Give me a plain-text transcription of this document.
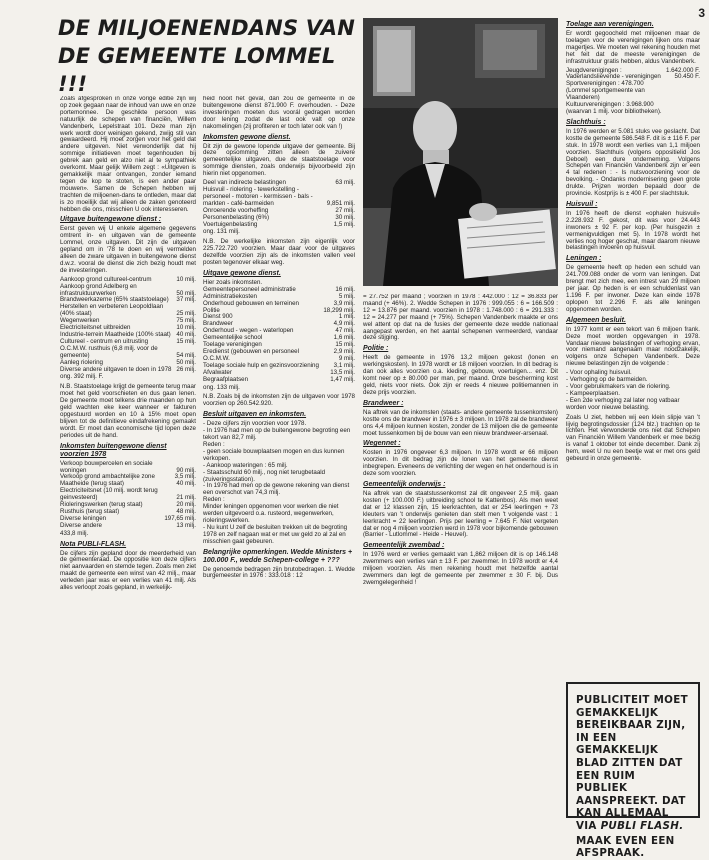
3
DE MILJOENENDANS VAN
DE GEMEENTE LOMMEL !!!

Zoals afgesproken in onze vorige editie zijn wij op zoek gegaan naar de inhoud van uwe en onze portemonnee. De geschikte persoon was natuurlijk de schepen van financiën, Willem Vandenberk, Lepelstraat 101. Deze man zijn werk wordt door weinigen gekend, zwijg stil van gewaardeerd. Hij moet zorgen voor het geld dat andere uitgeven. Niet verwonderlijk dat hij sommige initiatieven moet tegenhouden bij gebrek aan geld en alzo niet al te sympathiek overkomt. Maar gelijk Willem zegt : «Uitgeven is gemakkelijk maar ontvangen, zonder iemand tegen de kop te stoten, is een ander paar mouwen». Samen de Schepen hebben wij trachten de miljoenen-dans te ontleden, maar dat is zo moeilijk dat wij alleen de zaken genoteerd hebben die ons, misschien U ook interesseren.

Uitgave buitengewone dienst :

Eerst geven wij U enkele algemene gegevens omtrent in- en uitgaven van de gemeente Lommel, onze uitgaven. Dit zijn de uitgaven gepland om in '78 te doen en wij vermelden alleen de zware uitgaven in buitengewone dienst d.w.z. vooral de dienst die zich bezig houdt met de investeringen.

Aankoop grond cultureel-centrum	10 milj.
Aankoop grond Adelberg en infrastruktuurwerken	50 milj.
Brandweerkazerne (65% staatstoelage)	37 milj.
Herstellen en verbeteren Leopoldlaan (40% staat)	25 milj.
Wegenwerken	75 milj.
Electriciteitsnet uitbreiden	10 milj.
Industrie-terrein Maatheide (100% staat)	40 milj.
Cultureel - centrum en uitrusting	15 milj.
O.C.M.W. rusthuis (6,8 milj. voor de gemeente)	54 milj.
Aanleg riolering	50 milj.
Diverse andere uitgaven te doen in 1978	26 milj.

ong. 392 milj. F.

N.B. Staatstoelage krijgt de gemeente terug maar moet het geld voorschieten en dus gaan lenen. De gemeente moet telkens drie maanden op hun geld wachten eke keer wanneer er fakturen opgestuurd worden en 10 à 15% moet open blijven tot de definitieve eindafrekening gemaakt wordt. Er moet dan economische tijd lopen deze periodes uit de hand.

Inkomsten buitengewone dienst voorzien 1978
Verkoop bouwpercelen en sociale woningen	90 milj.
Verkoop grond ambachtelijke zone	3,5 milj.
Maatheide (terug staat)	40 milj.
Electriciteitsnet (10 milj. wordt terug geinvesteerd)	21 milj.
Rioleringswerken (terug staat)	20 milj.
Rusthuis (terug staat)	48 milj.
Diverse leningen	197,65 milj.
Diverse andere	13 milj.

433,8 milj.

Nota PUBLI-FLASH.

De cijfers zijn gepland door de meerderheid van de gemeenteraad. De oppositie kon deze cijfers niet aanvaarden en stemde tegen. Zoals men ziet maakt de gemeente een winst van 42 milj., maar verleden jaar was er een verlies van 41 milj. Als alles verloopt zoals gepland, in werkelijk-

heid nooit het geval, dan zou de gemeente in de buitengewone dienst 871.900 F. overhouden. - Deze investeringen moeten dus voorál gedragen worden door lening zodat de last ook valt op onze nakomelingen (zij profiteren er toch later ook van !)

Inkomsten gewone dienst.

Dit zijn de gewone lopende uitgave der gemeente. Bij deze opsomming zitten alleen de zuivere gemeentelijke uitgaven, due de staatstoelage voor sommige diensten, zoals onderwijs bijvoorbeeld zijn hierin niet opgenomen.

Deel van indirecte belastingen	63 milj.
Huisvuil - riolering - tewerkstelling - personeel - motoren - kermissen - bals - markten - café-barmeiden	9,851 milj.
Onroerende voorheffing	27 milj.
Personenbelasting (6%)	30 milj.
Voertuigenbelasting	1,5 milj.

ong. 131 milj.

N.B. De werkelijke inkomsten zijn eigenlijk voor 225.722.720 voorzien. Maar daar voor de uitgaves dezelfde voorzien zijn als de inkomsten vallen veel posten tegenover elkaar weg.

Uitgave gewone dienst.
Hier zoals inkomsten.	
Gemeentepersoneel administratie	16 milj.
Administratiekosten	5 milj.
Onderhoud gebouwen en terreinen	3,9 milj.
Politie	18,299 milj.
Dienst 900	1 milj.
Brandweer	4,9 milj.
Onderhoud - wegen - waterlopen	47 milj.
Gemeentelijke school	1,6 milj.
Toelage verenigingen	15 milj.
Eredienst (gebouwen en personeel	2,9 milj.
O.C.M.W.	9 milj.
Toelage sociale hulp en gezinsvoorziening	3,1 milj.
Afvalwater	13,5 milj.
Begraafplaatsen	1,47 milj.

ong. 133 milj.

N.B. Zoals bij de inkomsten zijn de uitgaven voor 1978 voorzien op 260.542.920.

Besluit uitgaven en inkomsten.
- Deze cijfers zijn voorzien voor 1978.
- In 1976 had men op de buitengewone begroting een tekort van 82,7 milj.
Reden :
- geen sociale bouwplaatsen mogen en dus kunnen verkopen.
- Aankoop wateringen : 65 milj.
- Staatsschuld 60 milj., nog niet terugbetaald (zuiveringsstation).
- In 1976 had men op de gewone rekening van dienst een overschot van 74,3 milj.
Reden :
Minder leningen opgenomen voor werken die niet werden uitgevoerd o.a. rusteord, wegenwerken, rioleringswerken.
- Nu kunt U zelf de besluiten trekken uit de begroting 1978 en zelf nagaan wat er met uw geld zo al zal en misschien gaat gebeuren.
Belangrijke opmerkingen. Wedde Ministers + 100.000 F., wedde Schepen-college + ???

De genoemde bedragen zijn brutobedragen. 1. Wedde burgemeester in 1976 : 333.018 : 12

= 27.752 per maand ; voorzien in 1978 : 442.000 : 12 = 36.833 per maand (+ 46%). 2. Wedde Schepen in 1976 : 999.055 : 6 = 166.509 : 12 = 13.876 per maand. voorzien in 1978 : 1.748.000 : 6 = 291.333 : 12 = 24.277 per maand (+ 75%). Schepen Vandenberk maakte er ons wel attent op dat na de fusies der gemeente deze wedde nationaal aangepast werden, en het aantal schepenen vermeerderd, vandaar deze stijging.

Politie :

Heeft de gemeente in 1976 13,2 miljoen gekost (lonen en werkingskosten). In 1978 wordt er 18 miljoen voorzien. In dit bedrag is dan ook alles voorzien o.a. kleding, gebouw, voertuigen... enz. Dit komt neer op ± 80.000 per man, per maand. Onze bescherming kost geld, niets voor niets. Ook zijn er reeds 4 nieuwe politiemannen in deze prijs voorzien.

Brandweer :

Na aftrek van de inkomsten (staats- andere gemeente tussenkomsten) kostte ons de brandweer in 1976 ± 3 miljoen. In 1978 zal de brandweer ons 4,4 miljoen kunnen kosten, zonder de 13 miljoen die de gemeente moet tussenkomen bij de bouw van een nieuw brandweer-arsenaal.

Wegennet :

Kosten in 1976 ongeveer 6,3 miljoen. In 1978 wordt er 66 miljoen voorzien. In dit bedrag zijn de lonen van het gemeente dienst inbegrepen. Eveneens de verlichting der wegen en het onderhoud is in deze som voorzien.

Gemeentelijk onderwijs :

Na aftrek van de staatstussenkomst zal dit ongeveer 2,5 milj. gaan kosten (+ 100.000 F.) uitbreiding school te Kattenbos). Als men weet dat er 12 klassen zijn, 15 leerkrachten, dat er 254 leerlingen + 73 kleuters van 't onderwijs genieten dan stelt men 't volgende vast : 1 leerkracht = 22 leerlingen. Prijs per leerling = 7.645 F. Niet vergeten dat er nog 4 miljoen voorzien werd in 1978 voor bijkomende gebouwen (Barrier - Lutlommel - Heide - Heuvel).

Gemeentelijk zwembad :

In 1976 werd er verlies gemaakt van 1,862 miljoen dit is op 146.148 zwemmers een verlies van ± 13 F. per zwemmer. In 1978 wordt er 4,4 miljoen voorzien. Als men rekening houdt met hetzelfde aantal zwemmers dan legt de gemeente per zwemmer ± 30 F. bij. Dus zwemgelegenheid !

Toelage aan verenigingen.

Er wordt gegoocheld met miljoenen maar de toelagen voor de verenigingen lijken ons maar magertjes. We moeten wel rekening houden met het feit dat de meeste verenigingen de infrastruktuur gratis hebben, aldus Vandenberk.

Jeugdverenigingen :	1.642.000 F.
Vaderlandslievende - verenigingen	50.450 F.
Sportverenigingen : 478.700 (Lommel sportgemeente van Vlaanderen)	
Kultuurverenigingen : 3.968.900 (waarvan 1 milj. voor bibliotheken).	
Slachthuis :

In 1976 werden er 5.081 stuks vee geslacht. Dat kostte de gemeente 586.548 F. dit is ± 116 F. per stuk. In 1978 wordt een verlies van 1,1 miljoen voorzien. Slachthuis (volgens oppositielid Jos Deboel) een dure onderneming. Volgens Schepen van Financiën Vandenberk zijn er een 4 tal redenen : - Is nutsvoorziening voor de bevolking. - Ondanks modernisering geen grote drukte. Prijzen worden bepaald door de provincie. Kostprijs is ± 400 F. per slachtstuk.

Huisvuil :

In 1976 heeft de dienst «ophalen huisvuil» 2.228.932 F. gekost, dit was voor 24.443 inwoners ± 92 F. per kop. (Per huisgezin ± vermenigvuldigen met 5). In 1978 wordt het verlies nog hoger geschat, maar daarom nieuwe belastingen invoeren op huisvuil.

Leningen :

De gemeente heeft op heden een schuld van 241.709.088 onder de vorm van leningen. Dat brengt met zich mee, een intrest van 29 miljoen per jaar. Op heden is er een schuldenlast van 1.196 F. per inwoner. Deze kan einde 1978 oplopen tot 2.296 F. als alle leningen opgenomen worden.

Algemeen besluit.

In 1977 komt er een tekort van 6 miljoen frank. Deze moet worden opgevangen in 1978. Vandaar nieuwe belastingen of verhoging ervan, voor niemand aangenaam maar noodzakelijk, volgens onze Schepen Vandenberk. Deze nieuwe belastingen zijn de volgende :

- Voor ophaling huisvuil.
- Verhoging op de barmeiden.
- Voor gebruikmakers van de riolering.
- Kampeerplaatsen.
- Een 2de verhoging zal later nog vatbaar worden voor nieuwe belasting.

Zoals U ziet, hebben wij een klein slipje van 't lijvig begrotingsdossier (124 blz.) trachten op te lichten. Het verwonderde ons niet dat Schepen van Financiën Willem Vandenberk er mee bezig is vanaf 1 oktober tot einde december. Dank zij hem, weet U nu een beetje wat er met ons geld gebeurd in onze gemeente.

PUBLICITEIT MOET GEMAKKELIJK BEREIKBAAR ZIJN, IN EEN GEMAKKELIJK BLAD ZITTEN DAT EEN RUIM PUBLIEK AANSPREEKT. DAT KAN ALLEMAAL VIA PUBLI FLASH.
MAAK EVEN EEN AFSPRAAK.
